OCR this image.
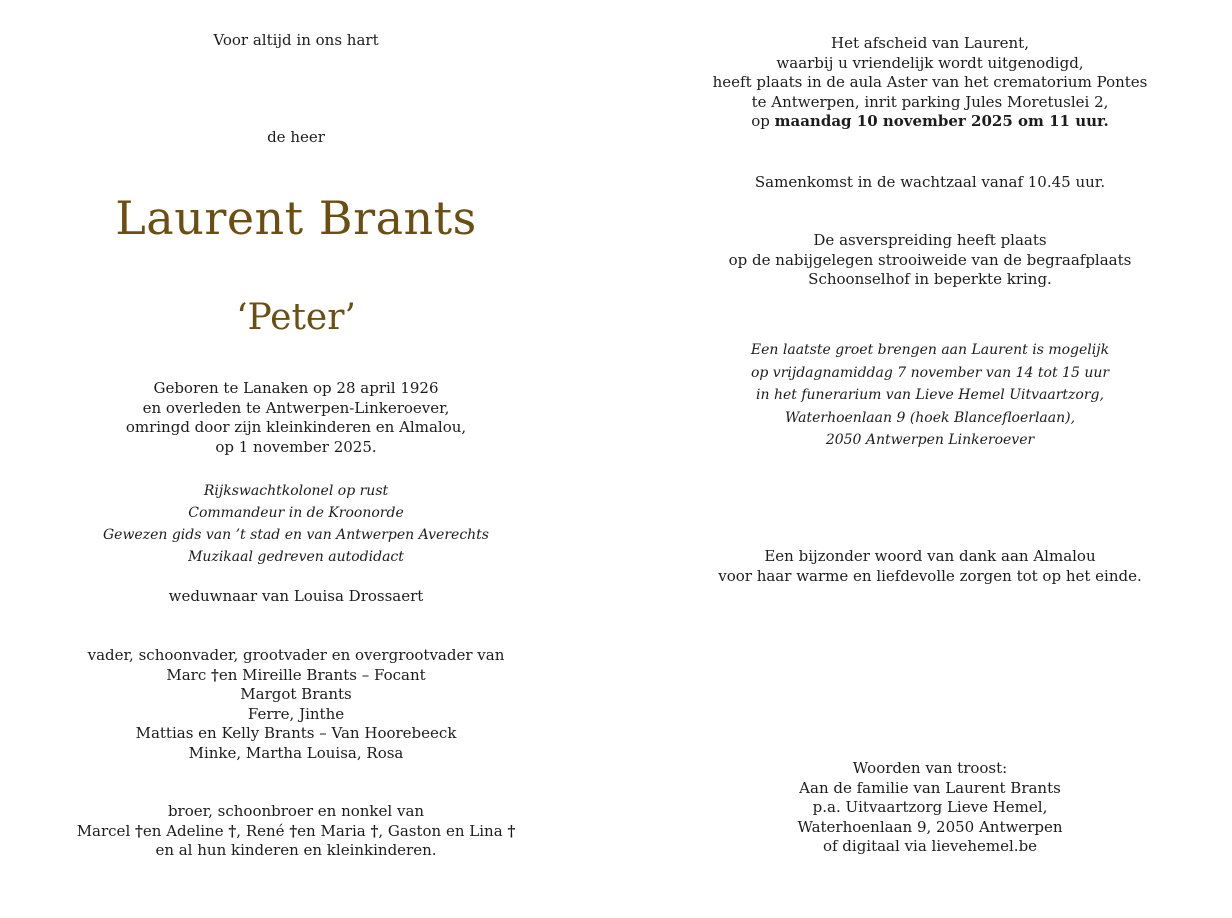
Voor altijd in ons hart
de heer
Laurent Brants
‘Peter’
Geboren te Lanaken op 28 april 1926
en overleden te Antwerpen-Linkeroever,
omringd door zijn kleinkinderen en Almalou,
op 1 november 2025.
Rijkswachtkolonel op rust
Commandeur in de Kroonorde
Gewezen gids van ’t stad en van Antwerpen Averechts
Muzikaal gedreven autodidact
weduwnaar van Louisa Drossaert
vader, schoonvader, grootvader en overgrootvader van
Marc †en Mireille Brants – Focant
Margot Brants
Ferre, Jinthe
Mattias en Kelly Brants – Van Hoorebeeck
Minke, Martha Louisa, Rosa
broer, schoonbroer en nonkel van
Marcel †en Adeline †, René †en Maria †, Gaston en Lina †
en al hun kinderen en kleinkinderen.
Het afscheid van Laurent,
waarbij u vriendelijk wordt uitgenodigd,
heeft plaats in de aula Aster van het crematorium Pontes
te Antwerpen, inrit parking Jules Moretuslei 2,
op maandag 10 november 2025 om 11 uur.
Samenkomst in de wachtzaal vanaf 10.45 uur.
De asverspreiding heeft plaats
op de nabijgelegen strooiweide van de begraafplaats
Schoonselhof in beperkte kring.
Een laatste groet brengen aan Laurent is mogelijk
op vrijdagnamiddag 7 november van 14 tot 15 uur
in het funerarium van Lieve Hemel Uitvaartzorg,
Waterhoenlaan 9 (hoek Blancefloerlaan),
2050 Antwerpen Linkeroever
Een bijzonder woord van dank aan Almalou
voor haar warme en liefdevolle zorgen tot op het einde.
Woorden van troost:
Aan de familie van Laurent Brants
p.a. Uitvaartzorg Lieve Hemel,
Waterhoenlaan 9, 2050 Antwerpen
of digitaal via lievehemel.be
